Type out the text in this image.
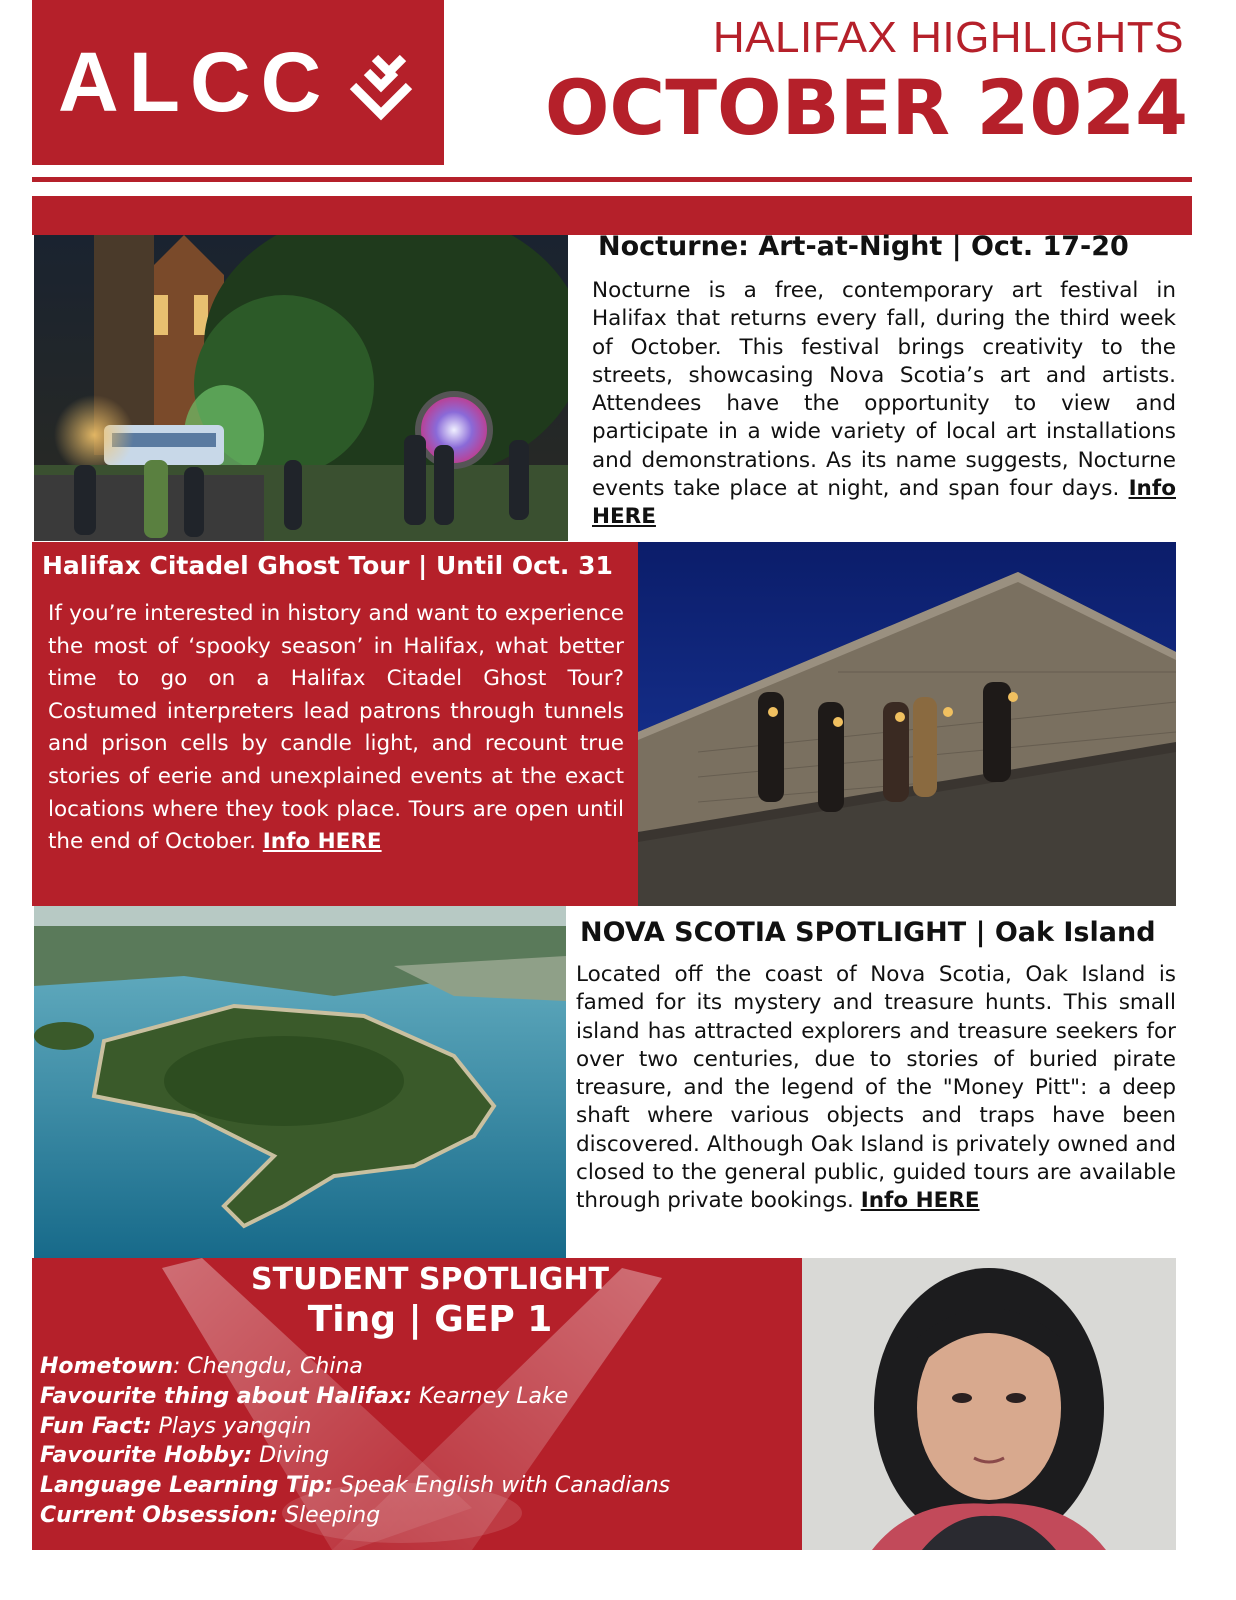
ALCC	HALIFAX HIGHLIGHTS
OCTOBER 2024
Nocturne: Art-at-Night | Oct. 17-20
Nocturne is a free, contemporary art festival in Halifax that returns every fall, during the third week of October. This festival brings creativity to the streets, showcasing Nova Scotia’s art and artists. Attendees have the opportunity to view and participate in a wide variety of local art installations and demonstrations. As its name suggests, Nocturne events take place at night, and span four days. Info HERE
Halifax Citadel Ghost Tour | Until Oct. 31
If you’re interested in history and want to experience the most of ‘spooky season’ in Halifax, what better time to go on a Halifax Citadel Ghost Tour? Costumed interpreters lead patrons through tunnels and prison cells by candle light, and recount true stories of eerie and unexplained events at the exact locations where they took place. Tours are open until the end of October. Info HERE
NOVA SCOTIA SPOTLIGHT | Oak Island
Located off the coast of Nova Scotia, Oak Island is famed for its mystery and treasure hunts. This small island has attracted explorers and treasure seekers for over two centuries, due to stories of buried pirate treasure, and the legend of the "Money Pitt": a deep shaft where various objects and traps have been discovered. Although Oak Island is privately owned and closed to the general public, guided tours are available through private bookings. Info HERE
STUDENT SPOTLIGHT
Ting | GEP 1
Hometown: Chengdu, China
Favourite thing about Halifax: Kearney Lake
Fun Fact: Plays yangqin
Favourite Hobby: Diving
Language Learning Tip: Speak English with Canadians
Current Obsession: Sleeping
